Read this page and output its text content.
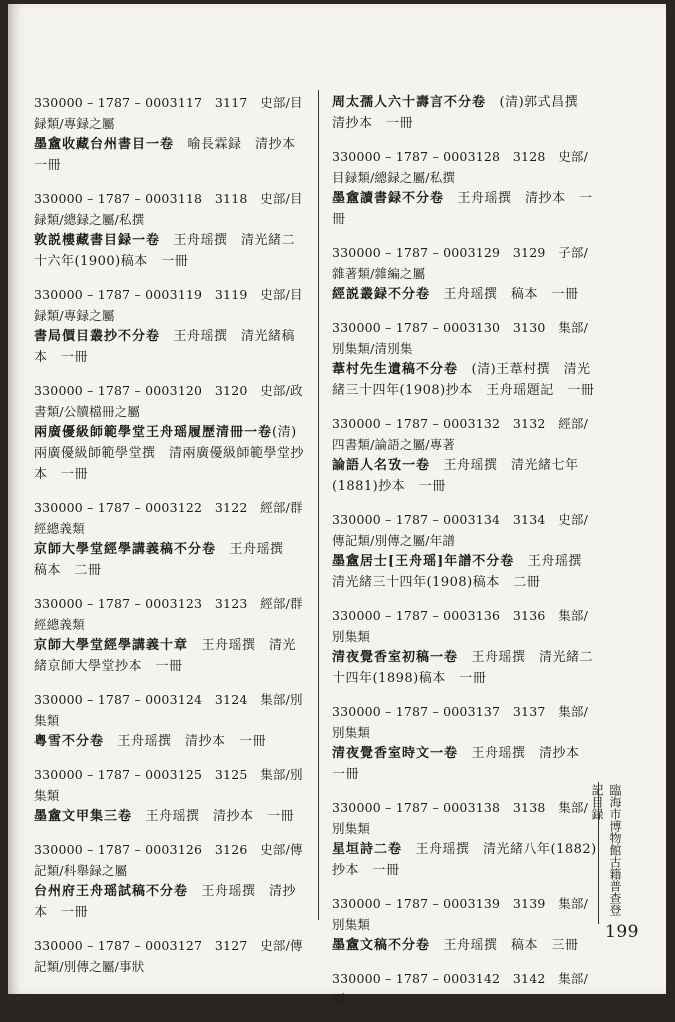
330000 – 1787 – 0003117　3117　史部/目録類/專録之屬
墨盦收藏台州書目一卷　喻長霖録　清抄本　一冊
330000 – 1787 – 0003118　3118　史部/目録類/總録之屬/私撰
敦説樓藏書目録一卷　王舟瑶撰　清光緒二十六年(1900)稿本　一冊
330000 – 1787 – 0003119　3119　史部/目録類/專録之屬
書局價目叢抄不分卷　王舟瑶撰　清光緒稿本　一冊
330000 – 1787 – 0003120　3120　史部/政書類/公牘檔冊之屬
兩廣優級師範學堂王舟瑶履歷清冊一卷(清)兩廣優級師範學堂撰　清兩廣優級師範學堂抄本　一冊
330000 – 1787 – 0003122　3122　經部/群經總義類
京師大學堂經學講義稿不分卷　王舟瑶撰　稿本　二冊
330000 – 1787 – 0003123　3123　經部/群經總義類
京師大學堂經學講義十章　王舟瑶撰　清光緒京師大學堂抄本　一冊
330000 – 1787 – 0003124　3124　集部/別集類
粵雪不分卷　王舟瑶撰　清抄本　一冊
330000 – 1787 – 0003125　3125　集部/別集類
墨盦文甲集三卷　王舟瑶撰　清抄本　一冊
330000 – 1787 – 0003126　3126　史部/傳記類/科舉録之屬
台州府王舟瑶試稿不分卷　王舟瑶撰　清抄本　一冊
330000 – 1787 – 0003127　3127　史部/傳記類/別傳之屬/事狀
周太孺人六十壽言不分卷　(清)郭式昌撰　清抄本　一冊
330000 – 1787 – 0003128　3128　史部/目録類/總録之屬/私撰
墨盦讀書録不分卷　王舟瑶撰　清抄本　一冊
330000 – 1787 – 0003129　3129　子部/雜著類/雜編之屬
經説叢録不分卷　王舟瑶撰　稿本　一冊
330000 – 1787 – 0003130　3130　集部/別集類/清別集
葦村先生遺稿不分卷　(清)王葦村撰　清光緒三十四年(1908)抄本　王舟瑶題記　一冊
330000 – 1787 – 0003132　3132　經部/四書類/論語之屬/專著
論語人名攷一卷　王舟瑶撰　清光緒七年(1881)抄本　一冊
330000 – 1787 – 0003134　3134　史部/傳記類/別傳之屬/年譜
墨盦居士[王舟瑶]年譜不分卷　王舟瑶撰　清光緒三十四年(1908)稿本　二冊
330000 – 1787 – 0003136　3136　集部/別集類
清夜覺香室初稿一卷　王舟瑶撰　清光緒二十四年(1898)稿本　一冊
330000 – 1787 – 0003137　3137　集部/別集類
清夜覺香室時文一卷　王舟瑶撰　清抄本　一冊
330000 – 1787 – 0003138　3138　集部/別集類
星垣詩二卷　王舟瑶撰　清光緒八年(1882)抄本　一冊
330000 – 1787 – 0003139　3139　集部/別集類
墨盦文稿不分卷　王舟瑶撰　稿本　三冊
330000 – 1787 – 0003142　3142　集部/別
臨海市博物館古籍普查登記目録
199
